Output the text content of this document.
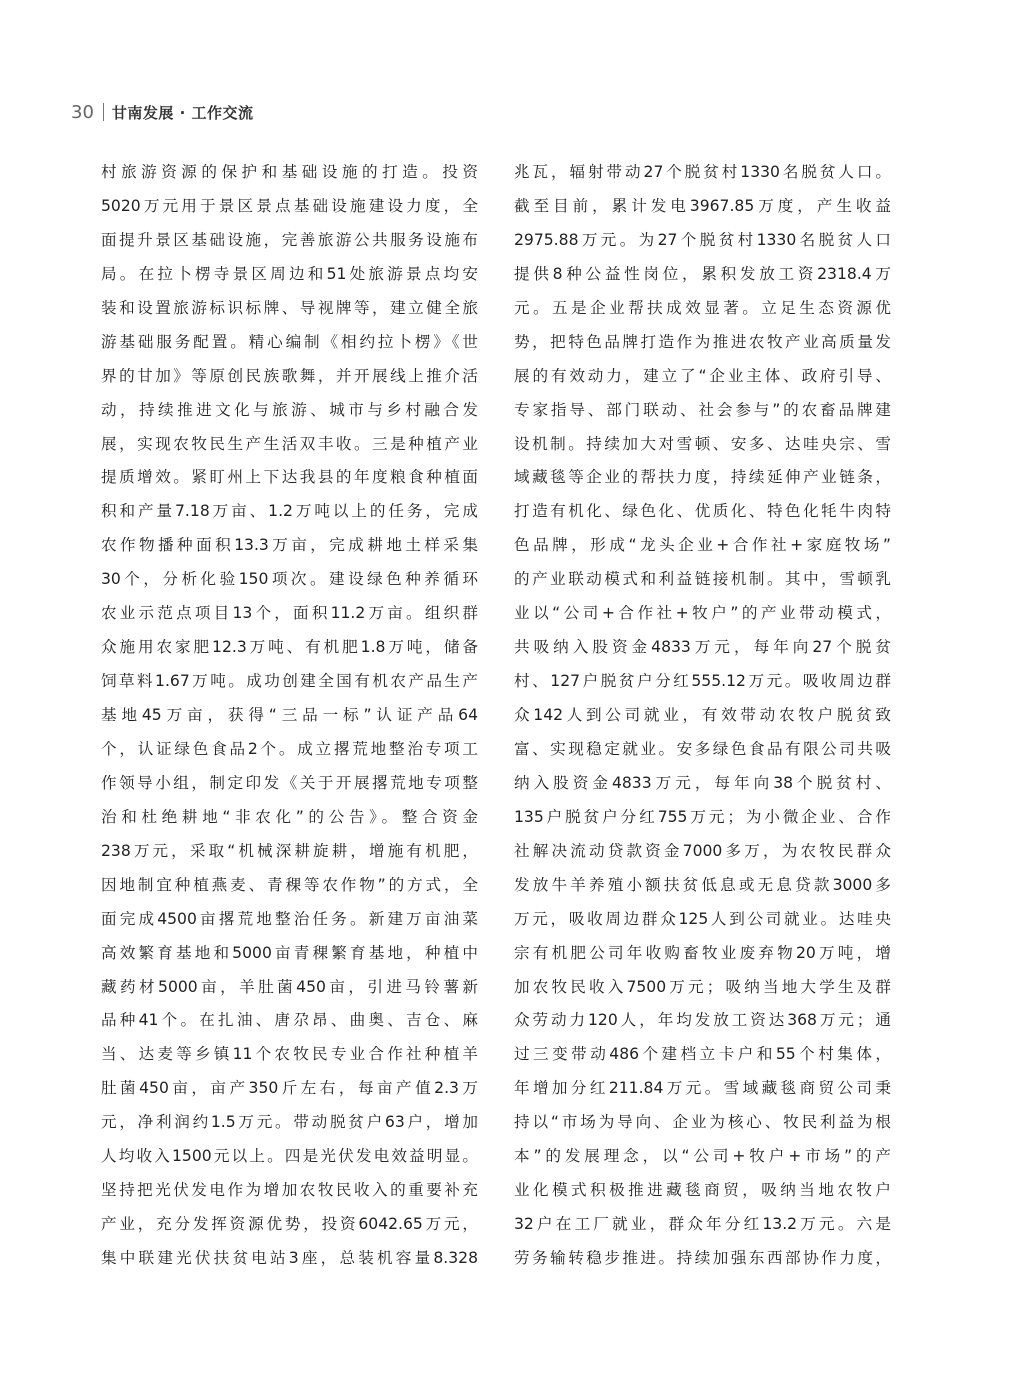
30 甘南发展 · 工作交流
村旅游资源的保护和基础设施的打造。投资
5020万元用于景区景点基础设施建设力度，全
面提升景区基础设施，完善旅游公共服务设施布
局。在拉卜楞寺景区周边和51处旅游景点均安
装和设置旅游标识标牌、导视牌等，建立健全旅
游基础服务配置。精心编制《相约拉卜楞》《世
界的甘加》等原创民族歌舞，并开展线上推介活
动，持续推进文化与旅游、城市与乡村融合发
展，实现农牧民生产生活双丰收。三是种植产业
提质增效。紧盯州上下达我县的年度粮食种植面
积和产量7.18万亩、1.2万吨以上的任务，完成
农作物播种面积13.3万亩，完成耕地土样采集
30个，分析化验150项次。建设绿色种养循环
农业示范点项目13个，面积11.2万亩。组织群
众施用农家肥12.3万吨、有机肥1.8万吨，储备
饲草料1.67万吨。成功创建全国有机农产品生产
基地45万亩，获得“三品一标”认证产品64
个，认证绿色食品2个。成立撂荒地整治专项工
作领导小组，制定印发《关于开展撂荒地专项整
治和杜绝耕地“非农化”的公告》。整合资金
238万元，采取“机械深耕旋耕，增施有机肥，
因地制宜种植燕麦、青稞等农作物”的方式，全
面完成4500亩撂荒地整治任务。新建万亩油菜
高效繁育基地和5000亩青稞繁育基地，种植中
藏药材5000亩，羊肚菌450亩，引进马铃薯新
品种41个。在扎油、唐尕昂、曲奥、吉仓、麻
当、达麦等乡镇11个农牧民专业合作社种植羊
肚菌450亩，亩产350斤左右，每亩产值2.3万
元，净利润约1.5万元。带动脱贫户63户，增加
人均收入1500元以上。四是光伏发电效益明显。
坚持把光伏发电作为增加农牧民收入的重要补充
产业，充分发挥资源优势，投资6042.65万元，
集中联建光伏扶贫电站3座，总装机容量8.328
兆瓦，辐射带动27个脱贫村1330名脱贫人口。
截至目前，累计发电3967.85万度，产生收益
2975.88万元。为27个脱贫村1330名脱贫人口
提供8种公益性岗位，累积发放工资2318.4万
元。五是企业帮扶成效显著。立足生态资源优
势，把特色品牌打造作为推进农牧产业高质量发
展的有效动力，建立了“企业主体、政府引导、
专家指导、部门联动、社会参与”的农畜品牌建
设机制。持续加大对雪顿、安多、达哇央宗、雪
域藏毯等企业的帮扶力度，持续延伸产业链条，
打造有机化、绿色化、优质化、特色化牦牛肉特
色品牌，形成“龙头企业+合作社+家庭牧场”
的产业联动模式和利益链接机制。其中，雪顿乳
业以“公司+合作社+牧户”的产业带动模式，
共吸纳入股资金4833万元，每年向27个脱贫
村、127户脱贫户分红555.12万元。吸收周边群
众142人到公司就业，有效带动农牧户脱贫致
富、实现稳定就业。安多绿色食品有限公司共吸
纳入股资金4833万元，每年向38个脱贫村、
135户脱贫户分红755万元；为小微企业、合作
社解决流动贷款资金7000多万，为农牧民群众
发放牛羊养殖小额扶贫低息或无息贷款3000多
万元，吸收周边群众125人到公司就业。达哇央
宗有机肥公司年收购畜牧业废弃物20万吨，增
加农牧民收入7500万元；吸纳当地大学生及群
众劳动力120人，年均发放工资达368万元；通
过三变带动486个建档立卡户和55个村集体，
年增加分红211.84万元。雪域藏毯商贸公司秉
持以“市场为导向、企业为核心、牧民利益为根
本”的发展理念，以“公司+牧户+市场”的产
业化模式积极推进藏毯商贸，吸纳当地农牧户
32户在工厂就业，群众年分红13.2万元。六是
劳务输转稳步推进。持续加强东西部协作力度，
